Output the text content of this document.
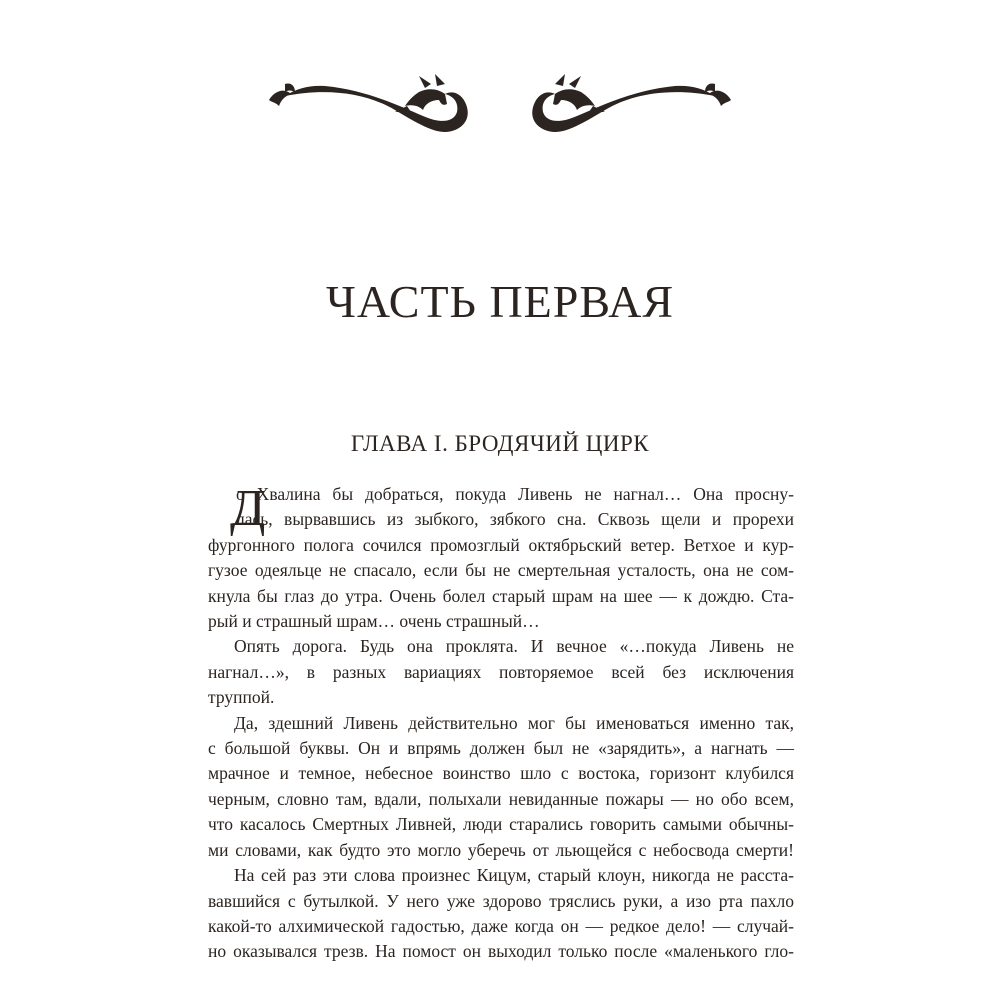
ЧАСТЬ ПЕРВАЯ
ГЛАВА I. БРОДЯЧИЙ ЦИРК
Д
о Хвалина бы добраться, покуда Ливень не нагнал… Она просну-
лась, вырвавшись из зыбкого, зябкого сна. Сквозь щели и прорехи
фургонного полога сочился промозглый октябрьский ветер. Ветхое и кур-
гузое одеяльце не спасало, если бы не смертельная усталость, она не сом-
кнула бы глаз до утра. Очень болел старый шрам на шее — к дождю. Ста-
рый и страшный шрам… очень страшный…
Опять дорога. Будь она проклята. И вечное «…покуда Ливень не
нагнал…», в разных вариациях повторяемое всей без исключения
труппой.
Да, здешний Ливень действительно мог бы именоваться именно так,
с большой буквы. Он и впрямь должен был не «зарядить», а нагнать —
мрачное и темное, небесное воинство шло с востока, горизонт клубился
черным, словно там, вдали, полыхали невиданные пожары — но обо всем,
что касалось Смертных Ливней, люди старались говорить самыми обычны-
ми словами, как будто это могло уберечь от льющейся с небосвода смерти!
На сей раз эти слова произнес Кицум, старый клоун, никогда не расста-
вавшийся с бутылкой. У него уже здорово тряслись руки, а изо рта пахло
какой-то алхимической гадостью, даже когда он — редкое дело! — случай-
но оказывался трезв. На помост он выходил только после «маленького гло-
